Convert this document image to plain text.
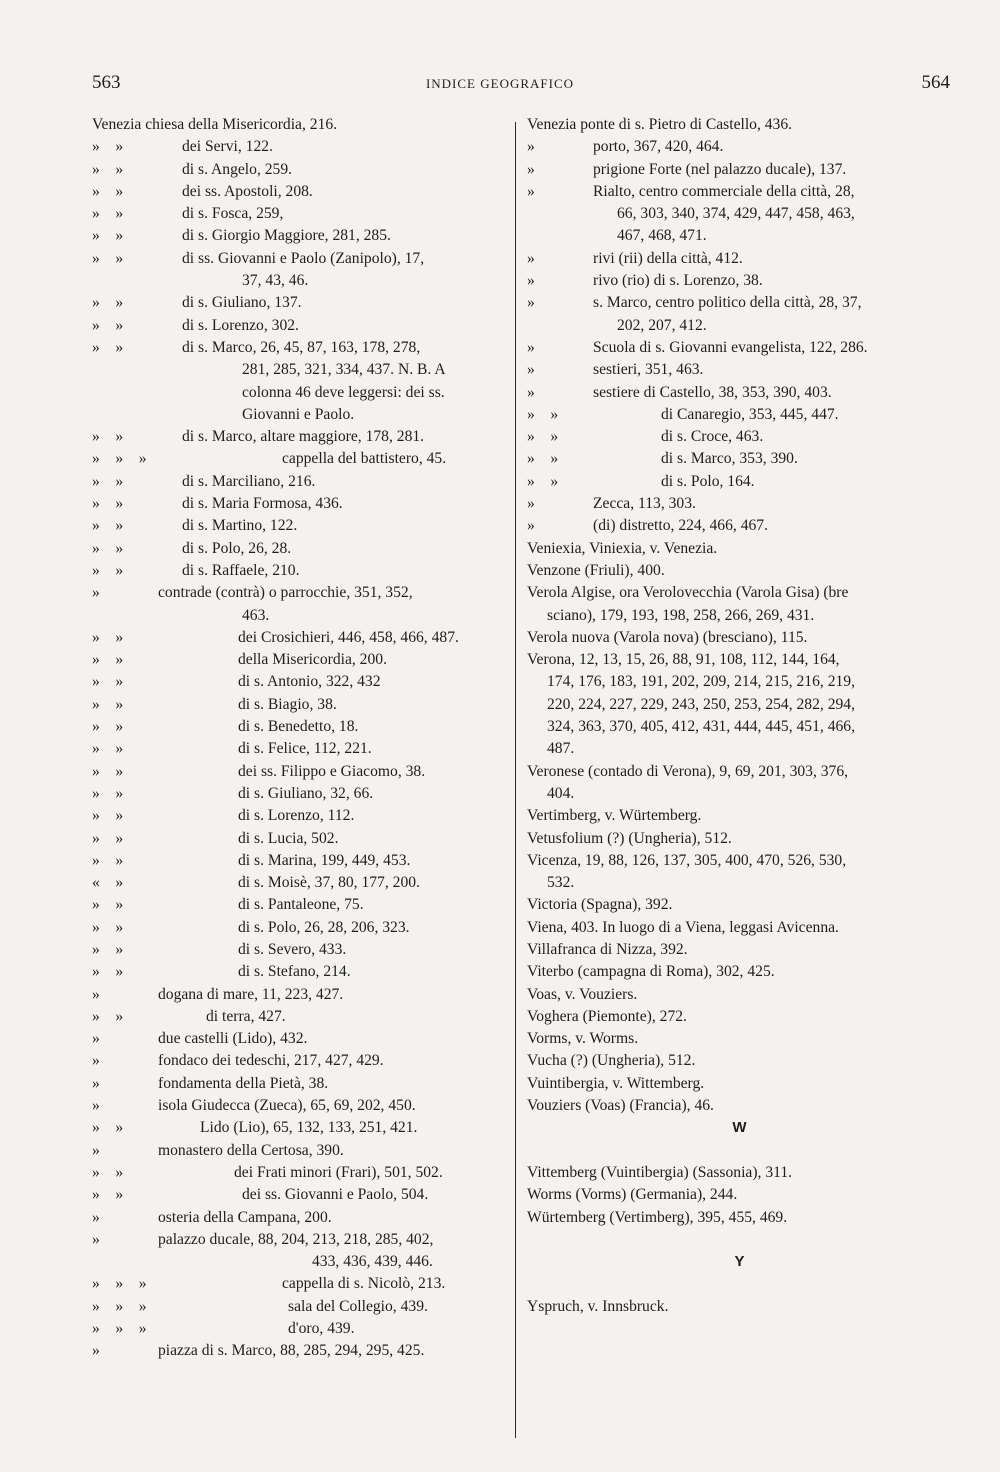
563	INDICE GEOGRAFICO	564
Venezia chiesa della Misericordia, 216.
»    »	dei Servi, 122.
»    »	di s. Angelo, 259.
»    »	dei ss. Apostoli, 208.
»    »	di s. Fosca, 259,
»    »	di s. Giorgio Maggiore, 281, 285.
»    »	di ss. Giovanni e Paolo (Zanipolo), 17,
37, 43, 46.
»    »	di s. Giuliano, 137.
»    »	di s. Lorenzo, 302.
»    »	di s. Marco, 26, 45, 87, 163, 178, 278,
281, 285, 321, 334, 437. N. B. A
colonna 46 deve leggersi: dei ss.
Giovanni e Paolo.
»    »	di s. Marco, altare maggiore, 178, 281.
»    »    »	cappella del battistero, 45.
»    »	di s. Marciliano, 216.
»    »	di s. Maria Formosa, 436.
»    »	di s. Martino, 122.
»    »	di s. Polo, 26, 28.
»    »	di s. Raffaele, 210.
»	contrade (contrà) o parrocchie, 351, 352,
463.
»    »	dei Crosichieri, 446, 458, 466, 487.
»    »	della Misericordia, 200.
»    »	di s. Antonio, 322, 432
»    »	di s. Biagio, 38.
»    »	di s. Benedetto, 18.
»    »	di s. Felice, 112, 221.
»    »	dei ss. Filippo e Giacomo, 38.
»    »	di s. Giuliano, 32, 66.
»    »	di s. Lorenzo, 112.
»    »	di s. Lucia, 502.
»    »	di s. Marina, 199, 449, 453.
«    »	di s. Moisè, 37, 80, 177, 200.
»    »	di s. Pantaleone, 75.
»    »	di s. Polo, 26, 28, 206, 323.
»    »	di s. Severo, 433.
»    »	di s. Stefano, 214.
»	dogana di mare, 11, 223, 427.
»    »	di terra, 427.
»	due castelli (Lido), 432.
»	fondaco dei tedeschi, 217, 427, 429.
»	fondamenta della Pietà, 38.
»	isola Giudecca (Zueca), 65, 69, 202, 450.
»    »	Lido (Lio), 65, 132, 133, 251, 421.
»	monastero della Certosa, 390.
»    »	dei Frati minori (Frari), 501, 502.
»    »	dei ss. Giovanni e Paolo, 504.
»	osteria della Campana, 200.
»	palazzo ducale, 88, 204, 213, 218, 285, 402,
433, 436, 439, 446.
»    »    »	cappella di s. Nicolò, 213.
»    »    »	sala del Collegio, 439.
»    »    »	d'oro, 439.
»	piazza di s. Marco, 88, 285, 294, 295, 425.
Venezia ponte di s. Pietro di Castello, 436.
»	porto, 367, 420, 464.
»	prigione Forte (nel palazzo ducale), 137.
»	Rialto, centro commerciale della città, 28,
66, 303, 340, 374, 429, 447, 458, 463,
467, 468, 471.
»	rivi (rii) della città, 412.
»	rivo (rio) di s. Lorenzo, 38.
»	s. Marco, centro politico della città, 28, 37,
202, 207, 412.
»	Scuola di s. Giovanni evangelista, 122, 286.
»	sestieri, 351, 463.
»	sestiere di Castello, 38, 353, 390, 403.
»    »	di Canaregio, 353, 445, 447.
»    »	di s. Croce, 463.
»    »	di s. Marco, 353, 390.
»    »	di s. Polo, 164.
»	Zecca, 113, 303.
»	(di) distretto, 224, 466, 467.
Veniexia, Viniexia, v. Venezia.
Venzone (Friuli), 400.
Verola Algise, ora Verolovecchia (Varola Gisa) (bre
sciano), 179, 193, 198, 258, 266, 269, 431.
Verola nuova (Varola nova) (bresciano), 115.
Verona, 12, 13, 15, 26, 88, 91, 108, 112, 144, 164,
174, 176, 183, 191, 202, 209, 214, 215, 216, 219,
220, 224, 227, 229, 243, 250, 253, 254, 282, 294,
324, 363, 370, 405, 412, 431, 444, 445, 451, 466,
487.
Veronese (contado di Verona), 9, 69, 201, 303, 376,
404.
Vertimberg, v. Würtemberg.
Vetusfolium (?) (Ungheria), 512.
Vicenza, 19, 88, 126, 137, 305, 400, 470, 526, 530,
532.
Victoria (Spagna), 392.
Viena, 403. In luogo di a Viena, leggasi Avicenna.
Villafranca di Nizza, 392.
Viterbo (campagna di Roma), 302, 425.
Voas, v. Vouziers.
Voghera (Piemonte), 272.
Vorms, v. Worms.
Vucha (?) (Ungheria), 512.
Vuintibergia, v. Wittemberg.
Vouziers (Voas) (Francia), 46.
W

Vittemberg (Vuintibergia) (Sassonia), 311.
Worms (Vorms) (Germania), 244.
Würtemberg (Vertimberg), 395, 455, 469.

Y

Yspruch, v. Innsbruck.
